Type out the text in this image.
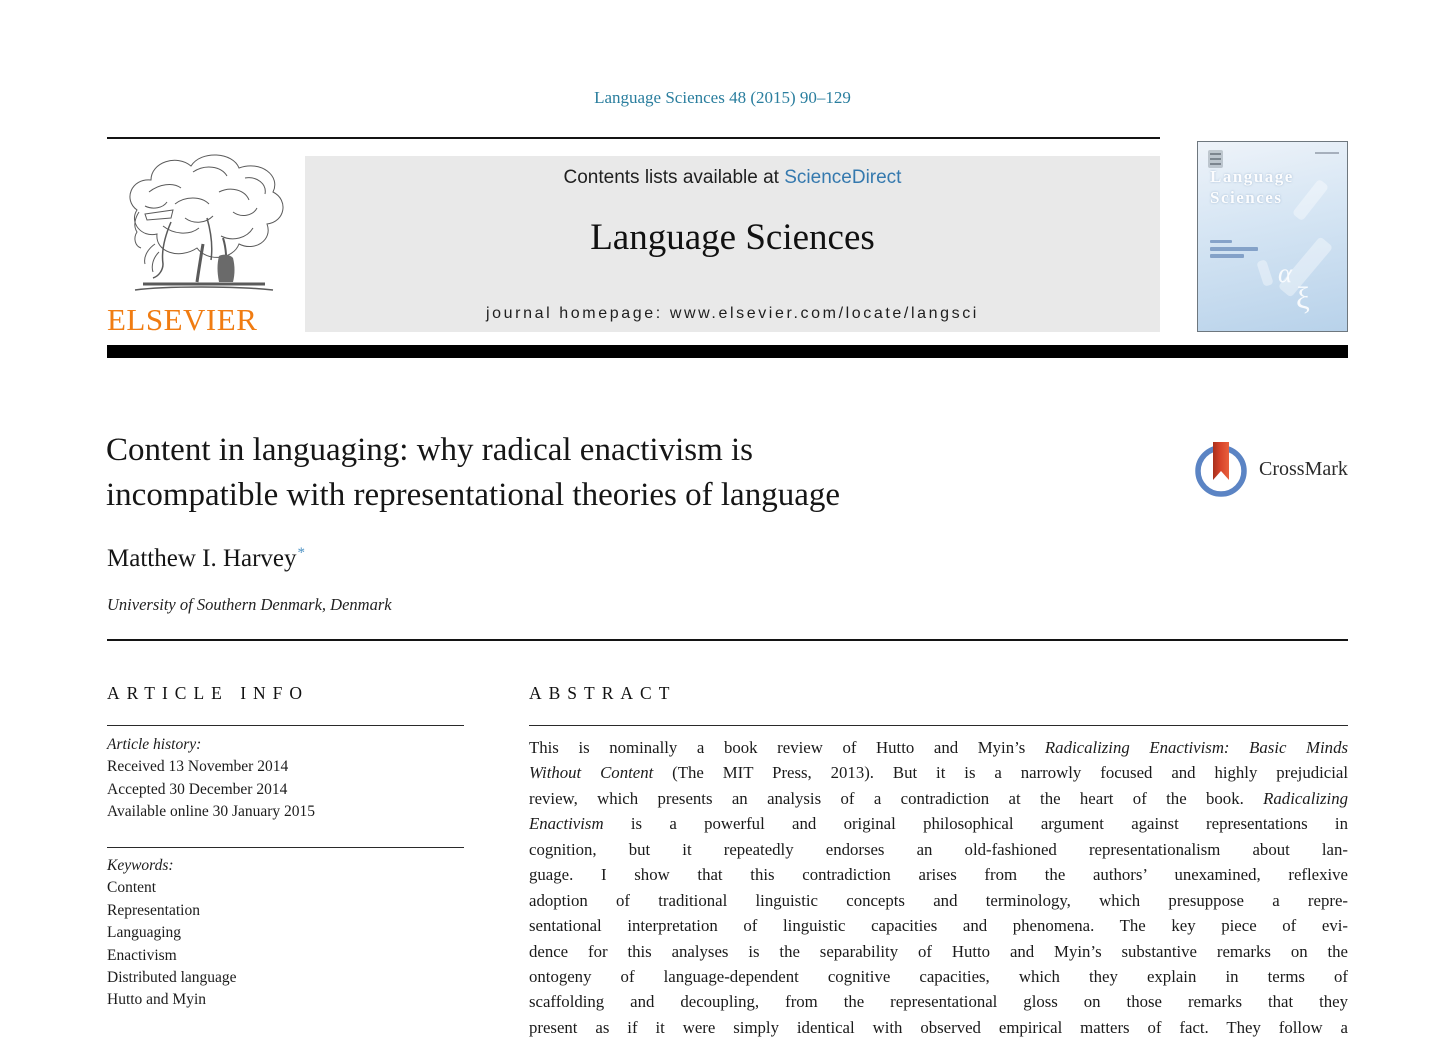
Language Sciences 48 (2015) 90–129
ELSEVIER
Contents lists available at ScienceDirect
Language Sciences
journal homepage: www.elsevier.com/locate/langsci
Language
Sciences
α
ξ
Content in languaging: why radical enactivism is
incompatible with representational theories of language
CrossMark
Matthew I. Harvey*
University of Southern Denmark, Denmark
ARTICLE INFO
Article history:
Received 13 November 2014
Accepted 30 December 2014
Available online 30 January 2015
Keywords:
Content
Representation
Languaging
Enactivism
Distributed language
Hutto and Myin
ABSTRACT
This is nominally a book review of Hutto and Myin’s Radicalizing Enactivism: Basic Minds
Without Content (The MIT Press, 2013). But it is a narrowly focused and highly prejudicial
review, which presents an analysis of a contradiction at the heart of the book. Radicalizing
Enactivism is a powerful and original philosophical argument against representations in
cognition, but it repeatedly endorses an old-fashioned representationalism about lan-
guage. I show that this contradiction arises from the authors’ unexamined, reflexive
adoption of traditional linguistic concepts and terminology, which presuppose a repre-
sentational interpretation of linguistic capacities and phenomena. The key piece of evi-
dence for this analyses is the separability of Hutto and Myin’s substantive remarks on the
ontogeny of language-dependent cognitive capacities, which they explain in terms of
scaffolding and decoupling, from the representational gloss on those remarks that they
present as if it were simply identical with observed empirical matters of fact. They follow a
